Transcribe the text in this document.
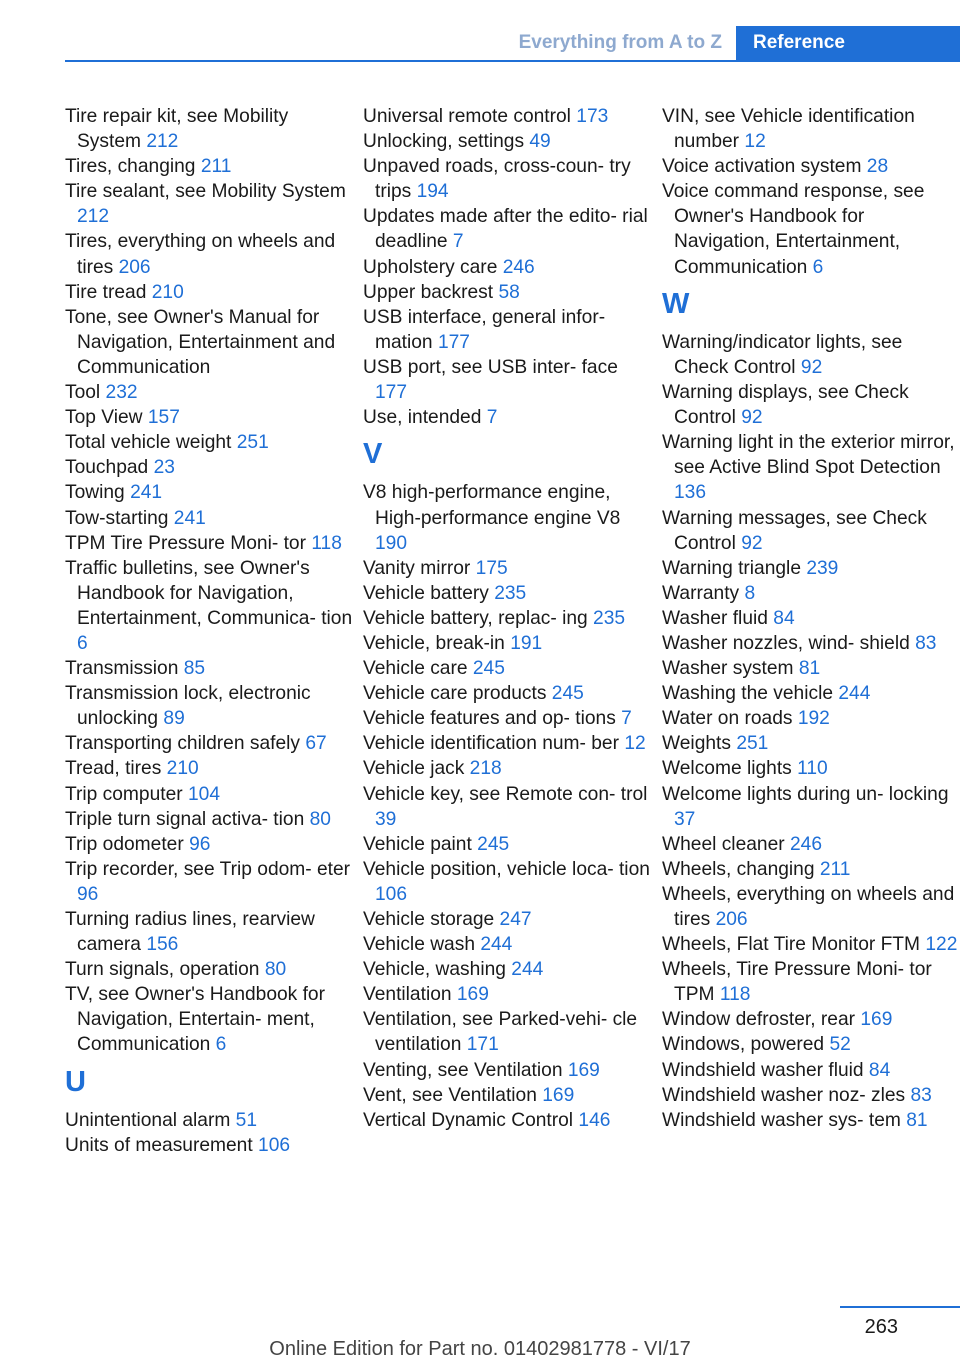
Everything from A to Z	Reference
Tire repair kit, see Mobility System 212
Tires, changing 211
Tire sealant, see Mobility System 212
Tires, everything on wheels and tires 206
Tire tread 210
Tone, see Owner's Manual for Navigation, Entertainment and Communication
Tool 232
Top View 157
Total vehicle weight 251
Touchpad 23
Towing 241
Tow-starting 241
TPM Tire Pressure Moni‑ tor 118
Traffic bulletins, see Owner's Handbook for Navigation, Entertainment, Communica‑ tion 6
Transmission 85
Transmission lock, electronic unlocking 89
Transporting children safely 67
Tread, tires 210
Trip computer 104
Triple turn signal activa‑ tion 80
Trip odometer 96
Trip recorder, see Trip odom‑ eter 96
Turning radius lines, rearview camera 156
Turn signals, operation 80
TV, see Owner's Handbook for Navigation, Entertain‑ ment, Communication 6
U
Unintentional alarm 51
Units of measurement 106
Universal remote control 173
Unlocking, settings 49
Unpaved roads, cross-coun‑ try trips 194
Updates made after the edito‑ rial deadline 7
Upholstery care 246
Upper backrest 58
USB interface, general infor‑ mation 177
USB port, see USB inter‑ face 177
Use, intended 7
V
V8 high-performance engine, High-performance engine V8 190
Vanity mirror 175
Vehicle battery 235
Vehicle battery, replac‑ ing 235
Vehicle, break-in 191
Vehicle care 245
Vehicle care products 245
Vehicle features and op‑ tions 7
Vehicle identification num‑ ber 12
Vehicle jack 218
Vehicle key, see Remote con‑ trol 39
Vehicle paint 245
Vehicle position, vehicle loca‑ tion 106
Vehicle storage 247
Vehicle wash 244
Vehicle, washing 244
Ventilation 169
Ventilation, see Parked-vehi‑ cle ventilation 171
Venting, see Ventilation 169
Vent, see Ventilation 169
Vertical Dynamic Control 146
VIN, see Vehicle identification number 12
Voice activation system 28
Voice command response, see Owner's Handbook for Navigation, Entertainment, Communication 6
W
Warning/indicator lights, see Check Control 92
Warning displays, see Check Control 92
Warning light in the exterior mirror, see Active Blind Spot Detection 136
Warning messages, see Check Control 92
Warning triangle 239
Warranty 8
Washer fluid 84
Washer nozzles, wind‑ shield 83
Washer system 81
Washing the vehicle 244
Water on roads 192
Weights 251
Welcome lights 110
Welcome lights during un‑ locking 37
Wheel cleaner 246
Wheels, changing 211
Wheels, everything on wheels and tires 206
Wheels, Flat Tire Monitor FTM 122
Wheels, Tire Pressure Moni‑ tor TPM 118
Window defroster, rear 169
Windows, powered 52
Windshield washer fluid 84
Windshield washer noz‑ zles 83
Windshield washer sys‑ tem 81
263
Online Edition for Part no. 01402981778 - VI/17
